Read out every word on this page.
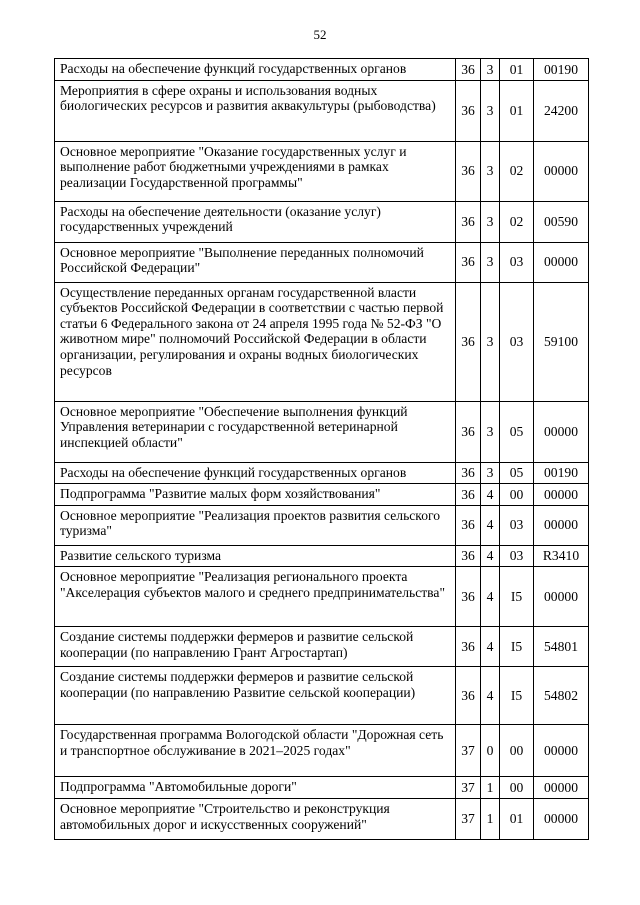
52
Расходы на обеспечение функций государственных органов	36	3	01	00190
Мероприятия в сфере охраны и использования водных биологических ресурсов и развития аквакультуры (рыбоводства)	36	3	01	24200
Основное мероприятие "Оказание государственных услуг и выполнение работ бюджетными учреждениями в рамках реализации Государственной программы"	36	3	02	00000
Расходы на обеспечение деятельности (оказание услуг) государственных учреждений	36	3	02	00590
Основное мероприятие "Выполнение переданных полномочий Российской Федерации"	36	3	03	00000
Осуществление переданных органам государственной власти субъектов Российской Федерации в соответствии с частью первой статьи 6 Федерального закона от 24 апреля 1995 года № 52-ФЗ "О животном мире" полномочий Российской Федерации в области организации, регулирования и охраны водных биологических ресурсов	36	3	03	59100
Основное мероприятие "Обеспечение выполнения функций Управления ветеринарии с государственной ветеринарной инспекцией области"	36	3	05	00000
Расходы на обеспечение функций государственных органов	36	3	05	00190
Подпрограмма "Развитие малых форм хозяйствования"	36	4	00	00000
Основное мероприятие "Реализация проектов развития сельского туризма"	36	4	03	00000
Развитие сельского туризма	36	4	03	R3410
Основное мероприятие "Реализация регионального проекта "Акселерация субъектов малого и среднего предпринимательства"	36	4	I5	00000
Создание системы поддержки фермеров и развитие сельской кооперации (по направлению Грант Агростартап)	36	4	I5	54801
Создание системы поддержки фермеров и развитие сельской кооперации (по направлению Развитие сельской кооперации)	36	4	I5	54802
Государственная программа Вологодской области "Дорожная сеть и транспортное обслуживание в 2021–2025 годах"	37	0	00	00000
Подпрограмма "Автомобильные дороги"	37	1	00	00000
Основное мероприятие "Строительство и реконструкция автомобильных дорог и искусственных сооружений"	37	1	01	00000
